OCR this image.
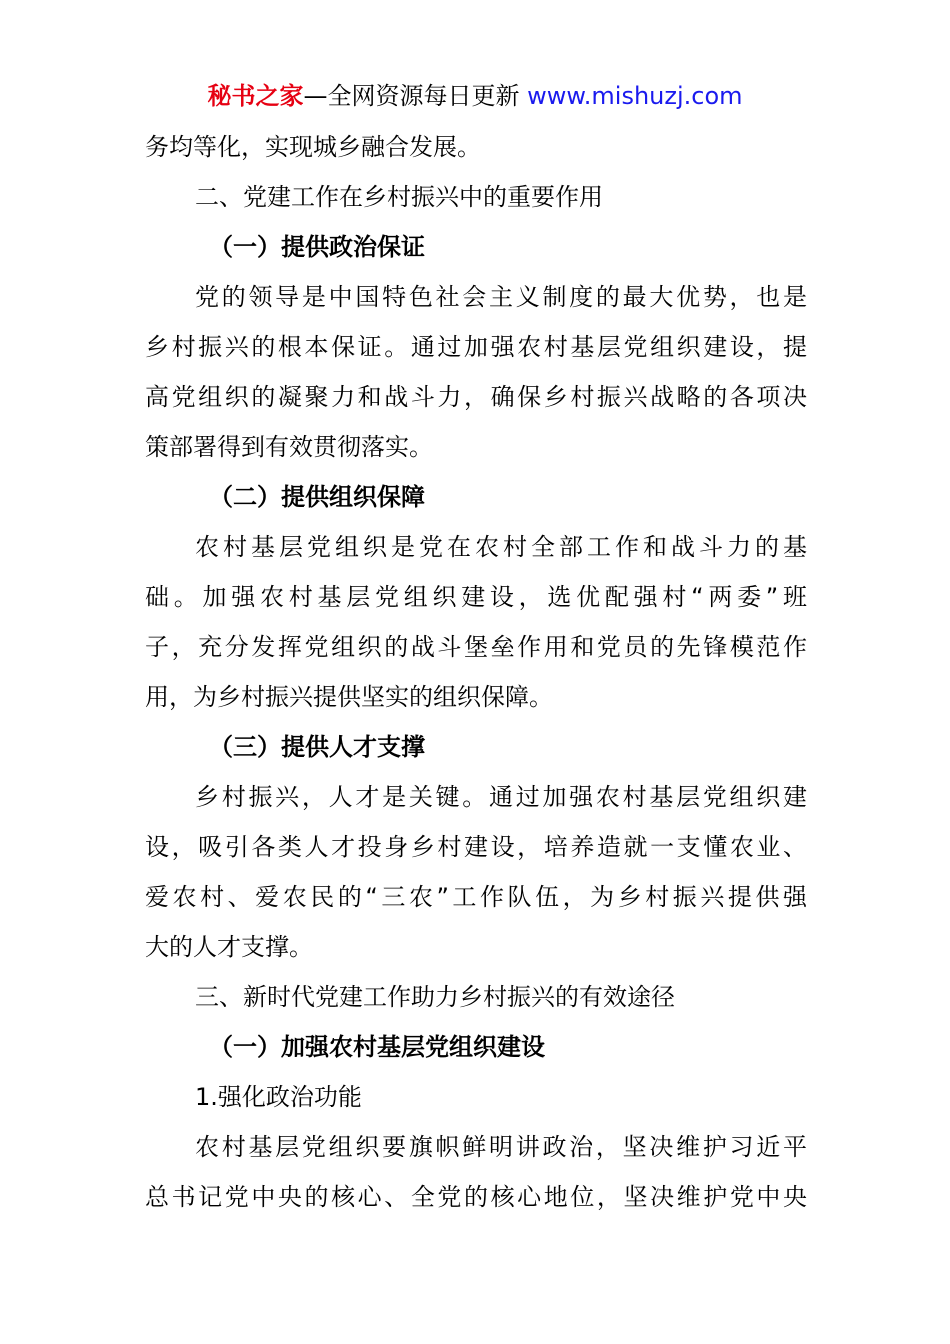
秘书之家—全网资源每日更新 www.mishuzj.com
务均等化，实现城乡融合发展。
二、党建工作在乡村振兴中的重要作用
（一）提供政治保证
党的领导是中国特色社会主义制度的最大优势，也是
乡村振兴的根本保证。通过加强农村基层党组织建设，提
高党组织的凝聚力和战斗力，确保乡村振兴战略的各项决
策部署得到有效贯彻落实。
（二）提供组织保障
农村基层党组织是党在农村全部工作和战斗力的基
础。加强农村基层党组织建设，选优配强村“两委”班
子，充分发挥党组织的战斗堡垒作用和党员的先锋模范作
用，为乡村振兴提供坚实的组织保障。
（三）提供人才支撑
乡村振兴，人才是关键。通过加强农村基层党组织建
设，吸引各类人才投身乡村建设，培养造就一支懂农业、
爱农村、爱农民的“三农”工作队伍，为乡村振兴提供强
大的人才支撑。
三、新时代党建工作助力乡村振兴的有效途径
（一）加强农村基层党组织建设
1.强化政治功能
农村基层党组织要旗帜鲜明讲政治，坚决维护习近平
总书记党中央的核心、全党的核心地位，坚决维护党中央
